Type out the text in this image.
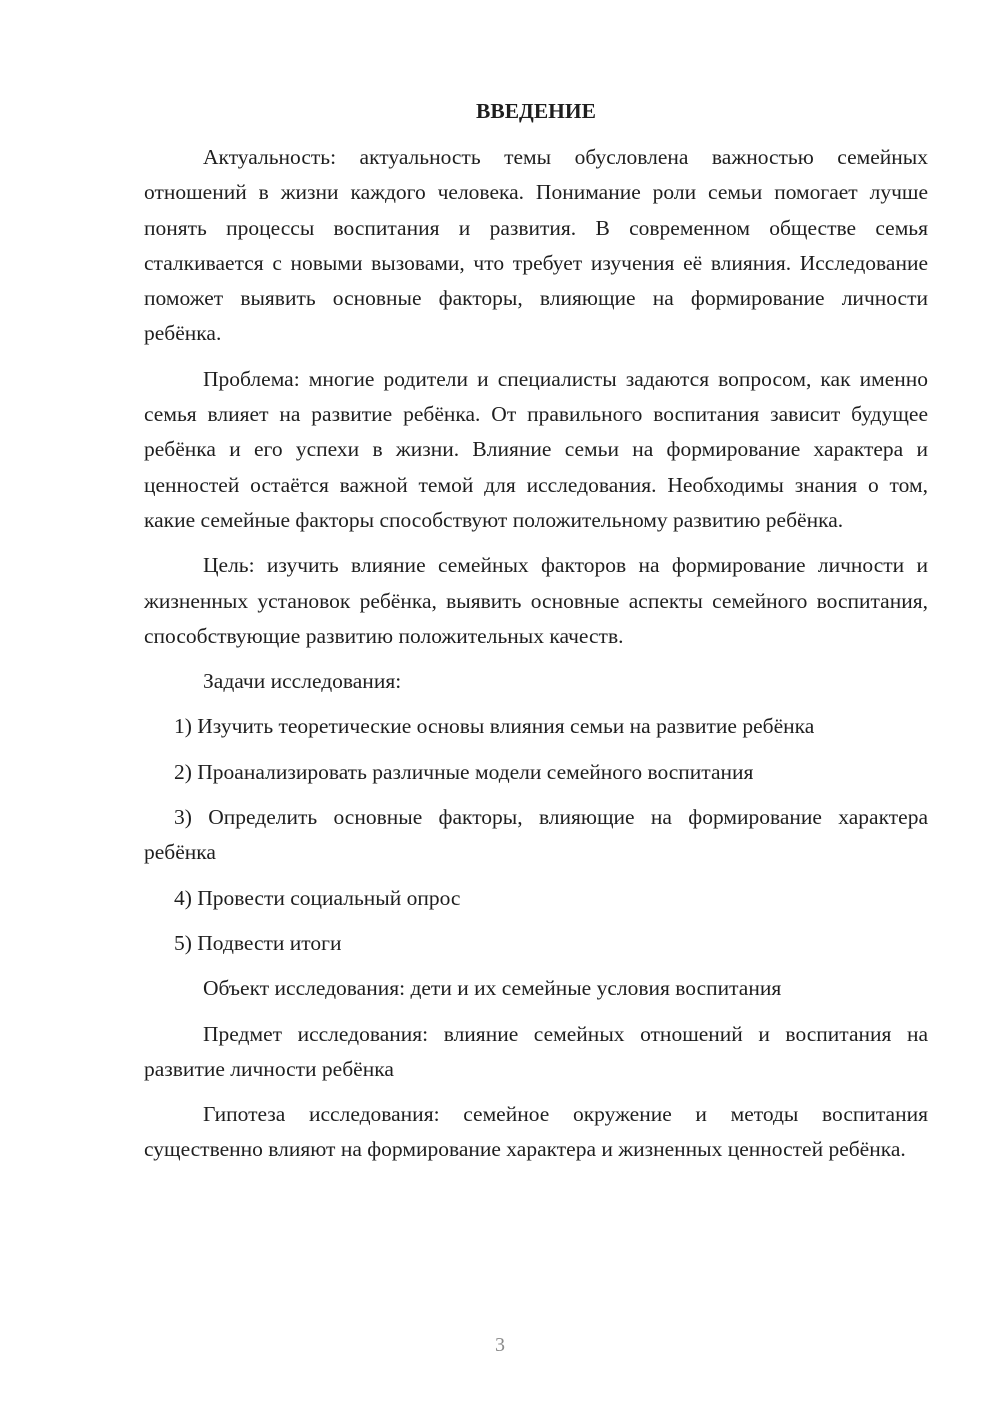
ВВЕДЕНИЕ

Актуальность: актуальность темы обусловлена важностью семейных отношений в жизни каждого человека. Понимание роли семьи помогает лучше понять процессы воспитания и развития. В современном обществе семья сталкивается с новыми вызовами, что требует изучения её влияния. Исследование поможет выявить основные факторы, влияющие на формирование личности ребёнка.

Проблема: многие родители и специалисты задаются вопросом, как именно семья влияет на развитие ребёнка. От правильного воспитания зависит будущее ребёнка и его успехи в жизни. Влияние семьи на формирование характера и ценностей остаётся важной темой для исследования. Необходимы знания о том, какие семейные факторы способствуют положительному развитию ребёнка.

Цель: изучить влияние семейных факторов на формирование личности и жизненных установок ребёнка, выявить основные аспекты семейного воспитания, способствующие развитию положительных качеств.

Задачи исследования:

1) Изучить теоретические основы влияния семьи на развитие ребёнка

2) Проанализировать различные модели семейного воспитания

3) Определить основные факторы, влияющие на формирование характера ребёнка

4) Провести социальный опрос

5) Подвести итоги

Объект исследования: дети и их семейные условия воспитания

Предмет исследования: влияние семейных отношений и воспитания на развитие личности ребёнка

Гипотеза исследования: семейное окружение и методы воспитания существенно влияют на формирование характера и жизненных ценностей ребёнка.

3
